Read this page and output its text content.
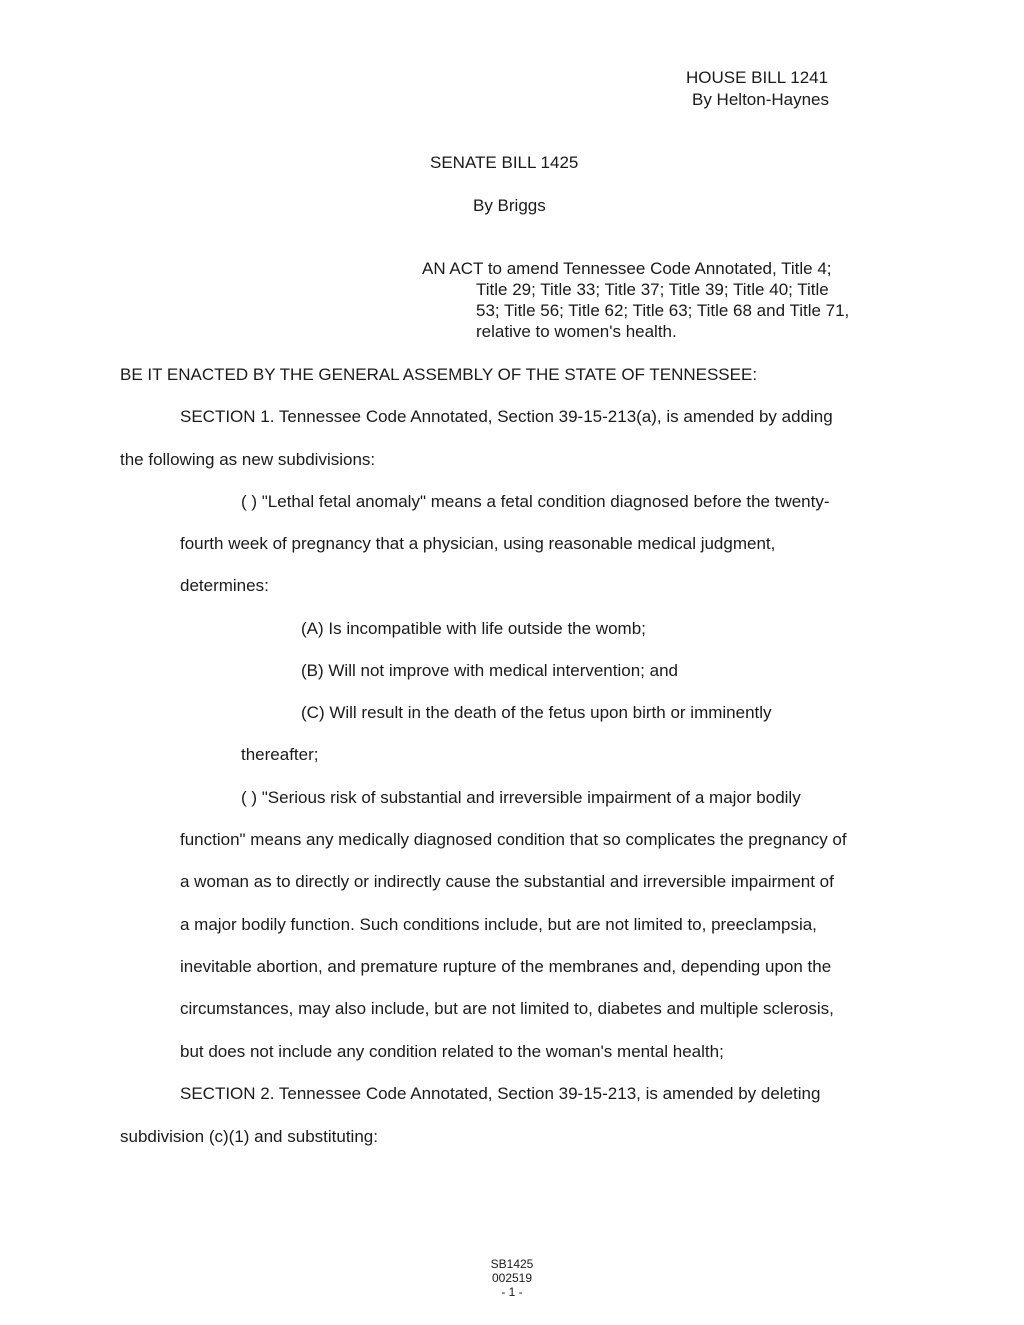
HOUSE BILL 1241

By Helton-Haynes

SENATE BILL 1425

By Briggs

AN ACT to amend Tennessee Code Annotated, Title 4;

Title 29; Title 33; Title 37; Title 39; Title 40; Title

53; Title 56; Title 62; Title 63; Title 68 and Title 71,

relative to women's health.

BE IT ENACTED BY THE GENERAL ASSEMBLY OF THE STATE OF TENNESSEE:

SECTION 1. Tennessee Code Annotated, Section 39-15-213(a), is amended by adding

the following as new subdivisions:

( ) "Lethal fetal anomaly" means a fetal condition diagnosed before the twenty-

fourth week of pregnancy that a physician, using reasonable medical judgment,

determines:

(A) Is incompatible with life outside the womb;

(B) Will not improve with medical intervention; and

(C) Will result in the death of the fetus upon birth or imminently

thereafter;

( ) "Serious risk of substantial and irreversible impairment of a major bodily

function" means any medically diagnosed condition that so complicates the pregnancy of

a woman as to directly or indirectly cause the substantial and irreversible impairment of

a major bodily function. Such conditions include, but are not limited to, preeclampsia,

inevitable abortion, and premature rupture of the membranes and, depending upon the

circumstances, may also include, but are not limited to, diabetes and multiple sclerosis,

but does not include any condition related to the woman's mental health;

SECTION 2. Tennessee Code Annotated, Section 39-15-213, is amended by deleting

subdivision (c)(1) and substituting:

SB1425
002519
- 1 -
